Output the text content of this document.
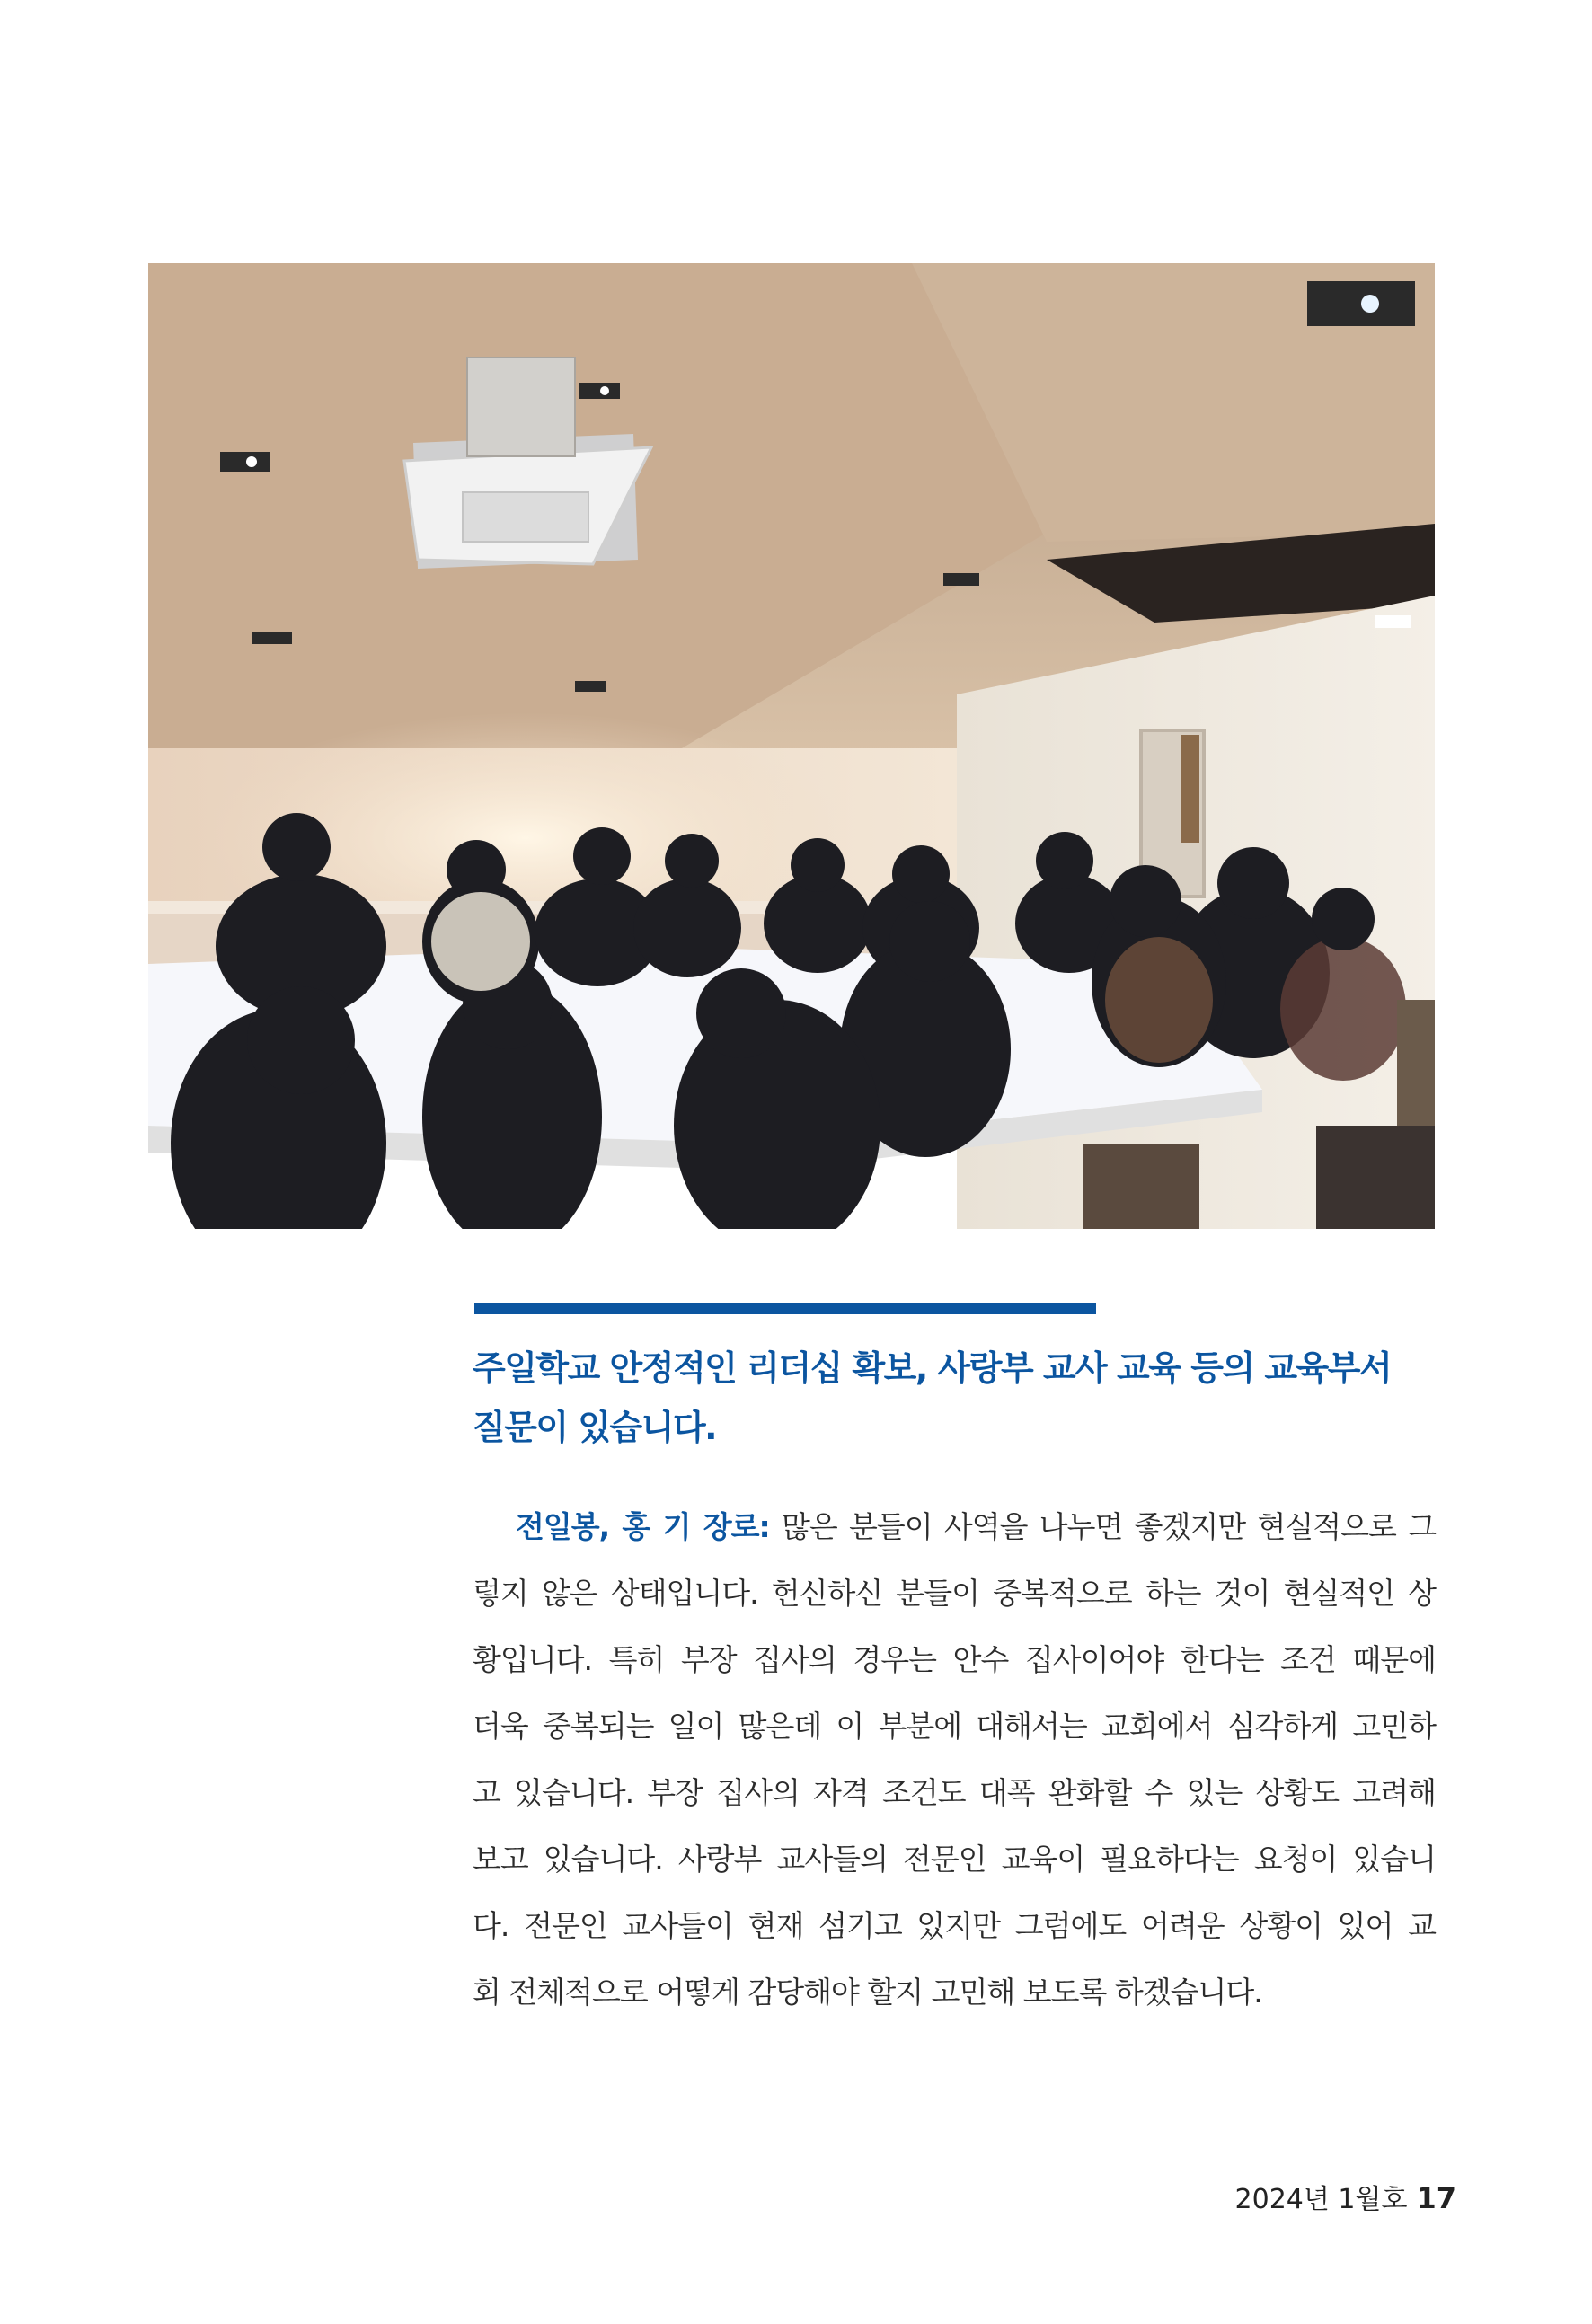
주일학교 안정적인 리더십 확보, 사랑부 교사 교육 등의 교육부서
질문이 있습니다.
전일봉, 홍 기 장로: 많은 분들이 사역을 나누면 좋겠지만 현실적으로 그
렇지 않은 상태입니다. 헌신하신 분들이 중복적으로 하는 것이 현실적인 상
황입니다. 특히 부장 집사의 경우는 안수 집사이어야 한다는 조건 때문에
더욱 중복되는 일이 많은데 이 부분에 대해서는 교회에서 심각하게 고민하
고 있습니다. 부장 집사의 자격 조건도 대폭 완화할 수 있는 상황도 고려해
보고 있습니다. 사랑부 교사들의 전문인 교육이 필요하다는 요청이 있습니
다. 전문인 교사들이 현재 섬기고 있지만 그럼에도 어려운 상황이 있어 교
회 전체적으로 어떻게 감당해야 할지 고민해 보도록 하겠습니다.
2024년 1월호 17
